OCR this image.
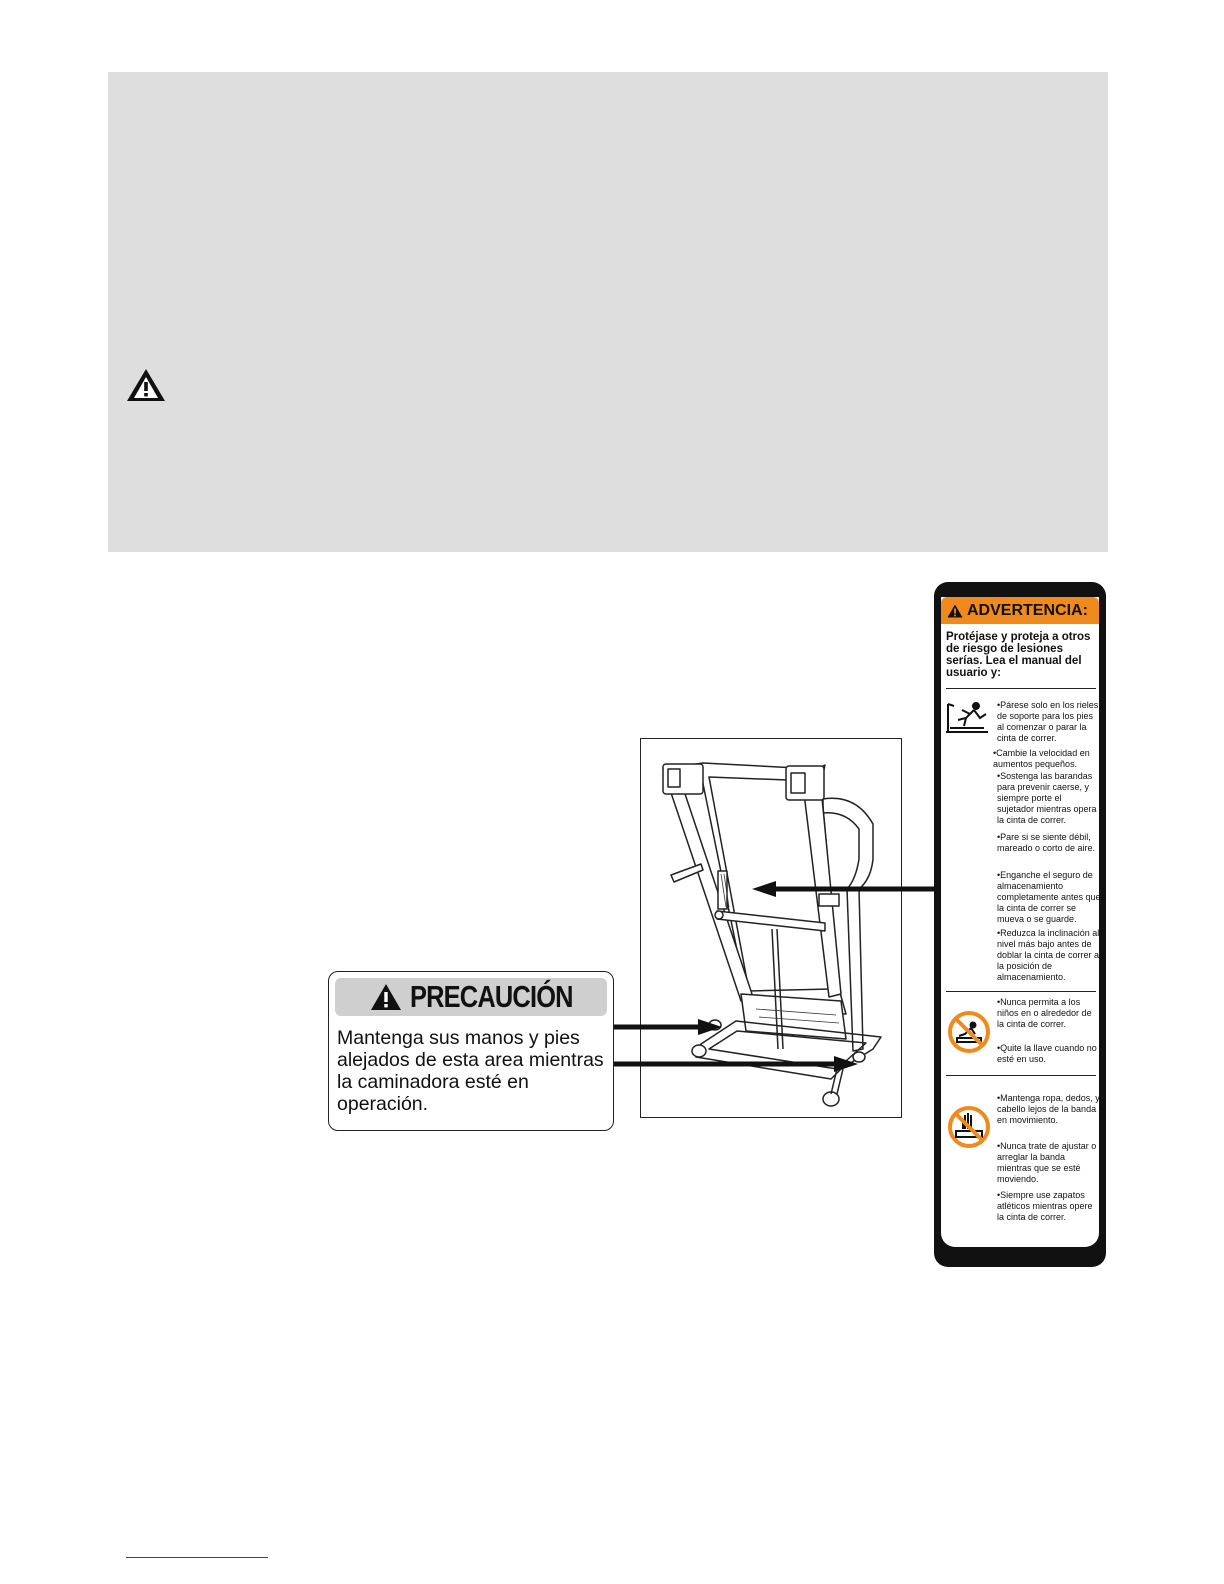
PRECAUCIÓN

Mantenga sus manos y pies alejados de esta area mientras la caminadora esté en operación.

ADVERTENCIA:

Protéjase y proteja a otros de riesgo de lesiones serías. Lea el manual del usuario y:

•Párese solo en los rieles de soporte para los pies al comenzar o parar la cinta de correr.

•Cambie la velocidad en aumentos pequeños.

•Sostenga las barandas para prevenir caerse, y siempre porte el sujetador mientras opera la cinta de correr.

•Pare si se siente débil, mareado o corto de aire.

•Enganche el seguro de almacenamiento completamente antes que la cinta de correr se mueva o se guarde.

•Reduzca la inclinación al nivel más bajo antes de doblar la cinta de correr a la posición de almacenamiento.

•Nunca permita a los niños en o alrededor de la cinta de correr.

•Quite la llave cuando no esté en uso.

•Mantenga ropa, dedos, y cabello lejos de la banda en movimiento.

•Nunca trate de ajustar o arreglar la banda mientras que se esté moviendo.

•Siempre use zapatos atléticos mientras opere la cinta de correr.
